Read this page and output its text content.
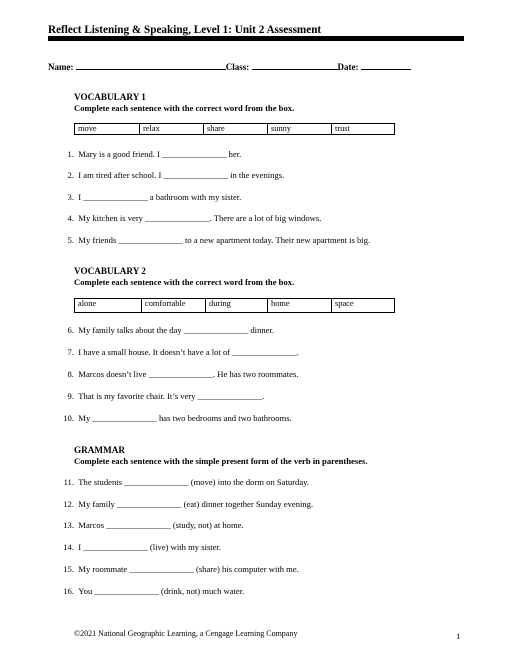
Reflect Listening & Speaking, Level 1: Unit 2 Assessment
Name:	Class:	Date:
VOCABULARY 1
Complete each sentence with the correct word from the box.
move	relax	share	sunny	trust
1. Mary is a good friend. I _______________ her.
2. I am tired after school. I _______________ in the evenings.
3. I _______________ a bathroom with my sister.
4. My kitchen is very _______________. There are a lot of big windows.
5. My friends _______________ to a new apartment today. Their new apartment is big.
VOCABULARY 2
Complete each sentence with the correct word from the box.
alone	comfortable	during	home	space
6. My family talks about the day _______________ dinner.
7. I have a small house. It doesn’t have a lot of _______________.
8. Marcos doesn’t live _______________. He has two roommates.
9. That is my favorite chair. It’s very _______________.
10. My _______________ has two bedrooms and two bathrooms.
GRAMMAR
Complete each sentence with the simple present form of the verb in parentheses.
11. The students _______________ (move) into the dorm on Saturday.
12. My family _______________ (eat) dinner together Sunday evening.
13. Marcos _______________ (study, not) at home.
14. I _______________ (live) with my sister.
15. My roommate _______________ (share) his computer with me.
16. You _______________ (drink, not) much water.
©2021 National Geographic Learning, a Cengage Learning Company	1
